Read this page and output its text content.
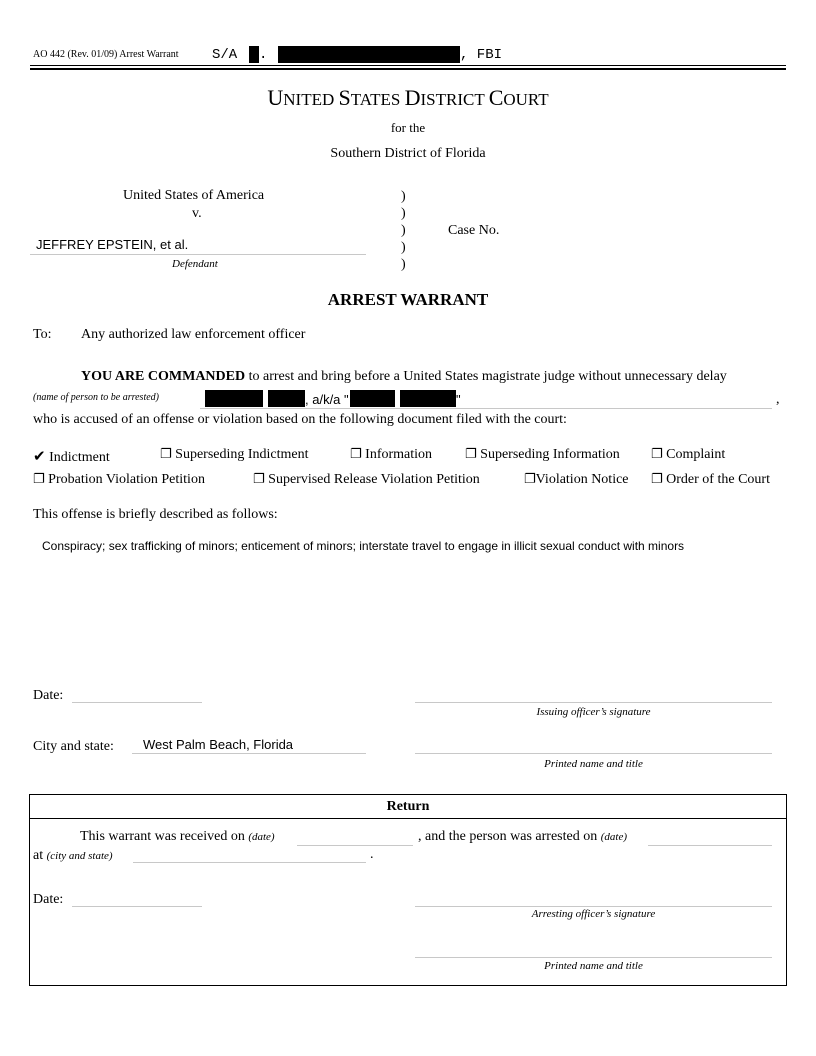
AO 442 (Rev. 01/09) Arrest Warrant S/A .	, FBI
UNITED STATES DISTRICT COURT
for the
Southern District of Florida
United States of America
v.
JEFFREY EPSTEIN, et al.
Defendant
)
)
)
)
)
Case No.
ARREST WARRANT
To: Any authorized law enforcement officer
YOU ARE COMMANDED to arrest and bring before a United States magistrate judge without unnecessary delay
(name of person to be arrested)	, a/k/a "	"	,
who is accused of an offense or violation based on the following document filed with the court:
✔ Indictment	❐ Superseding Indictment	❐ Information	❐ Superseding Information ❐ Complaint
❐ Probation Violation Petition	❐ Supervised Release Violation Petition	❐Violation Notice ❐ Order of the Court
This offense is briefly described as follows:
Conspiracy; sex trafficking of minors; enticement of minors; interstate travel to engage in illicit sexual conduct with minors
Date:
Issuing officer’s signature
City and state: West Palm Beach, Florida
Printed name and title
Return
This warrant was received on (date)	, and the person was arrested on (date)
at (city and state)	.
Date:
Arresting officer’s signature
Printed name and title
